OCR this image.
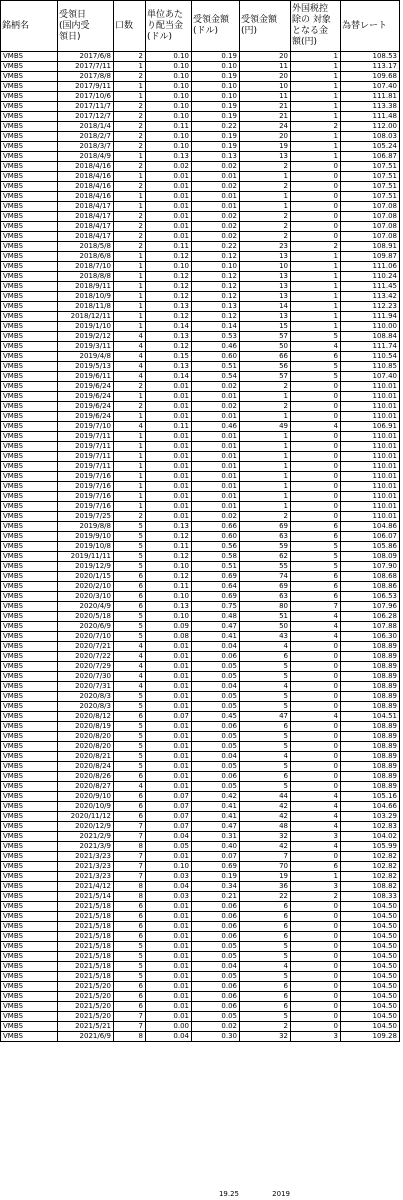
銘柄名	受領日
(国内受
領日)	口数	単位あた
り配当金
(ドル)	受領金額
(ドル)	受領金額
(円)	外国税控
除の 対象
となる金
額(円)	為替レート
VMBS	2017/6/8	2	0.10	0.19	20	1	108.53
VMBS	2017/7/11	1	0.10	0.10	11	1	113.17
VMBS	2017/8/8	2	0.10	0.19	20	1	109.68
VMBS	2017/9/11	1	0.10	0.10	10	1	107.40
VMBS	2017/10/6	1	0.10	0.10	11	1	111.81
VMBS	2017/11/7	2	0.10	0.19	21	1	113.38
VMBS	2017/12/7	2	0.10	0.19	21	1	111.48
VMBS	2018/1/4	2	0.11	0.22	24	2	112.00
VMBS	2018/2/7	2	0.10	0.19	20	1	108.03
VMBS	2018/3/7	2	0.10	0.19	19	1	105.24
VMBS	2018/4/9	1	0.13	0.13	13	1	106.87
VMBS	2018/4/16	2	0.02	0.02	2	0	107.51
VMBS	2018/4/16	1	0.01	0.01	1	0	107.51
VMBS	2018/4/16	2	0.01	0.02	2	0	107.51
VMBS	2018/4/16	1	0.01	0.01	1	0	107.51
VMBS	2018/4/17	1	0.01	0.01	1	0	107.08
VMBS	2018/4/17	2	0.01	0.02	2	0	107.08
VMBS	2018/4/17	2	0.01	0.02	2	0	107.08
VMBS	2018/4/17	2	0.01	0.02	2	0	107.08
VMBS	2018/5/8	2	0.11	0.22	23	2	108.91
VMBS	2018/6/8	1	0.12	0.12	13	1	109.87
VMBS	2018/7/10	1	0.10	0.10	10	1	111.06
VMBS	2018/8/8	1	0.12	0.12	13	1	110.24
VMBS	2018/9/11	1	0.12	0.12	13	1	111.45
VMBS	2018/10/9	1	0.12	0.12	13	1	113.42
VMBS	2018/11/8	1	0.13	0.13	14	1	112.23
VMBS	2018/12/11	1	0.12	0.12	13	1	111.94
VMBS	2019/1/10	1	0.14	0.14	15	1	110.00
VMBS	2019/2/12	4	0.13	0.53	57	5	108.84
VMBS	2019/3/11	4	0.12	0.46	50	4	111.74
VMBS	2019/4/8	4	0.15	0.60	66	6	110.54
VMBS	2019/5/13	4	0.13	0.51	56	5	110.85
VMBS	2019/6/11	4	0.14	0.54	57	5	107.40
VMBS	2019/6/24	2	0.01	0.02	2	0	110.01
VMBS	2019/6/24	1	0.01	0.01	1	0	110.01
VMBS	2019/6/24	2	0.01	0.02	2	0	110.01
VMBS	2019/6/24	1	0.01	0.01	1	0	110.01
VMBS	2019/7/10	4	0.11	0.46	49	4	106.91
VMBS	2019/7/11	1	0.01	0.01	1	0	110.01
VMBS	2019/7/11	1	0.01	0.01	1	0	110.01
VMBS	2019/7/11	1	0.01	0.01	1	0	110.01
VMBS	2019/7/11	1	0.01	0.01	1	0	110.01
VMBS	2019/7/16	1	0.01	0.01	1	0	110.01
VMBS	2019/7/16	1	0.01	0.01	1	0	110.01
VMBS	2019/7/16	1	0.01	0.01	1	0	110.01
VMBS	2019/7/16	1	0.01	0.01	1	0	110.01
VMBS	2019/7/25	2	0.01	0.02	2	0	110.01
VMBS	2019/8/8	5	0.13	0.66	69	6	104.86
VMBS	2019/9/10	5	0.12	0.60	63	6	106.07
VMBS	2019/10/8	5	0.11	0.56	59	5	105.86
VMBS	2019/11/11	5	0.12	0.58	62	5	108.09
VMBS	2019/12/9	5	0.10	0.51	55	5	107.90
VMBS	2020/1/15	6	0.12	0.69	74	6	108.68
VMBS	2020/2/10	6	0.11	0.64	69	6	108.86
VMBS	2020/3/10	6	0.10	0.69	63	6	106.53
VMBS	2020/4/9	6	0.13	0.75	80	7	107.96
VMBS	2020/5/18	5	0.10	0.48	51	4	106.28
VMBS	2020/6/9	5	0.09	0.47	50	4	107.88
VMBS	2020/7/10	5	0.08	0.41	43	4	106.30
VMBS	2020/7/21	4	0.01	0.04	4	0	108.89
VMBS	2020/7/22	4	0.01	0.06	6	0	108.89
VMBS	2020/7/29	4	0.01	0.05	5	0	108.89
VMBS	2020/7/30	4	0.01	0.05	5	0	108.89
VMBS	2020/7/31	4	0.01	0.04	4	0	108.89
VMBS	2020/8/3	5	0.01	0.05	5	0	108.89
VMBS	2020/8/3	5	0.01	0.05	5	0	108.89
VMBS	2020/8/12	6	0.07	0.45	47	4	104.51
VMBS	2020/8/19	5	0.01	0.06	6	0	108.89
VMBS	2020/8/20	5	0.01	0.05	5	0	108.89
VMBS	2020/8/20	5	0.01	0.05	5	0	108.89
VMBS	2020/8/21	5	0.01	0.04	4	0	108.89
VMBS	2020/8/24	5	0.01	0.05	5	0	108.89
VMBS	2020/8/26	6	0.01	0.06	6	0	108.89
VMBS	2020/8/27	4	0.01	0.05	5	0	108.89
VMBS	2020/9/10	6	0.07	0.42	44	4	105.16
VMBS	2020/10/9	6	0.07	0.41	42	4	104.66
VMBS	2020/11/12	6	0.07	0.41	42	4	103.29
VMBS	2020/12/9	7	0.07	0.47	48	4	102.83
VMBS	2021/2/9	7	0.04	0.31	32	3	104.02
VMBS	2021/3/9	8	0.05	0.40	42	4	105.99
VMBS	2021/3/23	7	0.01	0.07	7	0	102.82
VMBS	2021/3/23	7	0.10	0.69	70	6	102.82
VMBS	2021/3/23	7	0.03	0.19	19	1	102.82
VMBS	2021/4/12	8	0.04	0.34	36	3	108.82
VMBS	2021/5/14	8	0.03	0.21	22	2	108.33
VMBS	2021/5/18	6	0.01	0.06	6	0	104.50
VMBS	2021/5/18	6	0.01	0.06	6	0	104.50
VMBS	2021/5/18	6	0.01	0.06	6	0	104.50
VMBS	2021/5/18	6	0.01	0.06	6	0	104.50
VMBS	2021/5/18	5	0.01	0.05	5	0	104.50
VMBS	2021/5/18	5	0.01	0.05	5	0	104.50
VMBS	2021/5/18	5	0.01	0.04	4	0	104.50
VMBS	2021/5/18	5	0.01	0.05	5	0	104.50
VMBS	2021/5/20	6	0.01	0.06	6	0	104.50
VMBS	2021/5/20	6	0.01	0.06	6	0	104.50
VMBS	2021/5/20	6	0.01	0.06	6	0	104.50
VMBS	2021/5/20	7	0.01	0.05	5	0	104.50
VMBS	2021/5/21	7	0.00	0.02	2	0	104.50
VMBS	2021/6/9	8	0.04	0.30	32	3	109.28
19.25	2019
